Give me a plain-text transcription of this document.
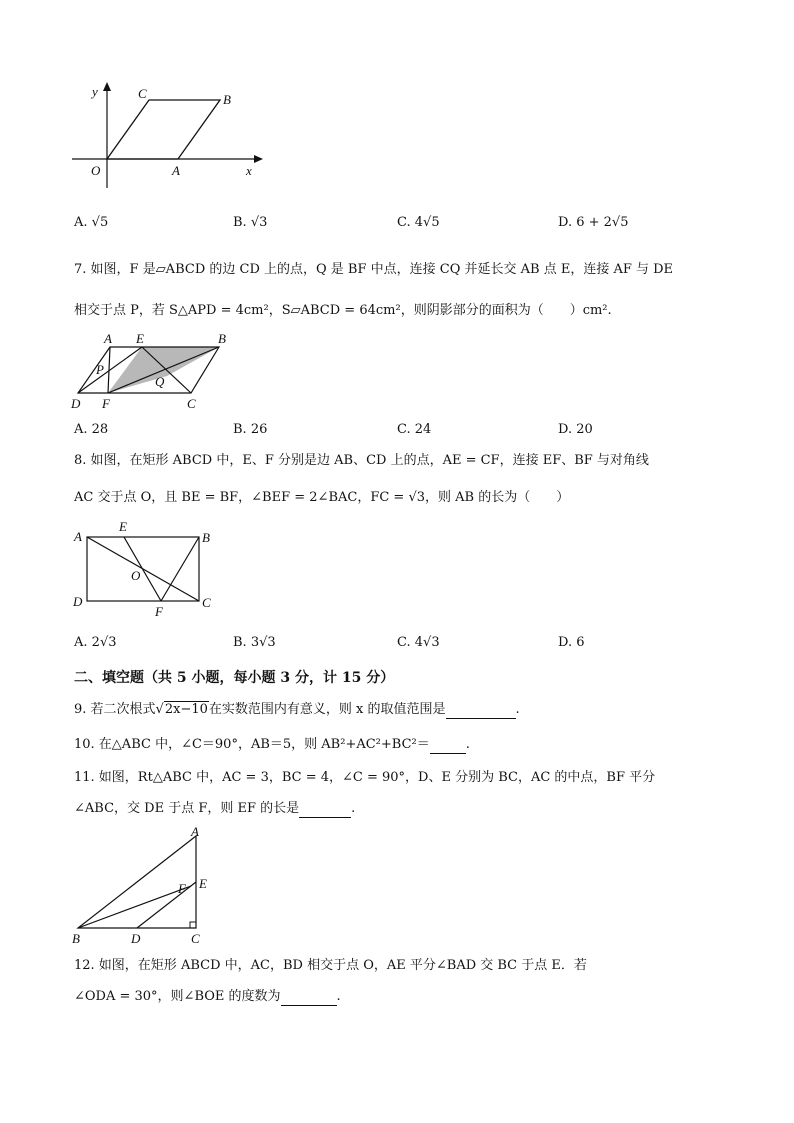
y	C	B
O	A	x
A. √5	B. √3	C. 4√5	D. 6 + 2√5
7. 如图，F 是▱ABCD 的边 CD 上的点，Q 是 BF 中点，连接 CQ 并延长交 AB 点 E，连接 AF 与 DE
相交于点 P，若 S△APD = 4cm²，S▱ABCD = 64cm²，则阴影部分的面积为（　　）cm².
A E	B
P
Q
D F	C
A. 28	B. 26	C. 24	D. 20
8. 如图，在矩形 ABCD 中，E、F 分别是边 AB、CD 上的点，AE = CF，连接 EF、BF 与对角线
AC 交于点 O，且 BE = BF，∠BEF = 2∠BAC，FC = √3，则 AB 的长为（　　）
A
E
B
O
D
F
C
A. 2√3	B. 3√3	C. 4√3	D. 6
二、填空题（共 5 小题，每小题 3 分，计 15 分）
9. 若二次根式√2x−10在实数范围内有意义，则 x 的取值范围是	.
10. 在△ABC 中，∠C＝90°，AB＝5，则 AB²+AC²+BC²＝	.
11. 如图，Rt△ABC 中，AC = 3，BC = 4，∠C = 90°，D、E 分别为 BC，AC 的中点，BF 平分
∠ABC，交 DE 于点 F，则 EF 的长是	.
A
F E
B	D	C
12. 如图，在矩形 ABCD 中，AC，BD 相交于点 O，AE 平分∠BAD 交 BC 于点 E．若
∠ODA = 30°，则∠BOE 的度数为	.
